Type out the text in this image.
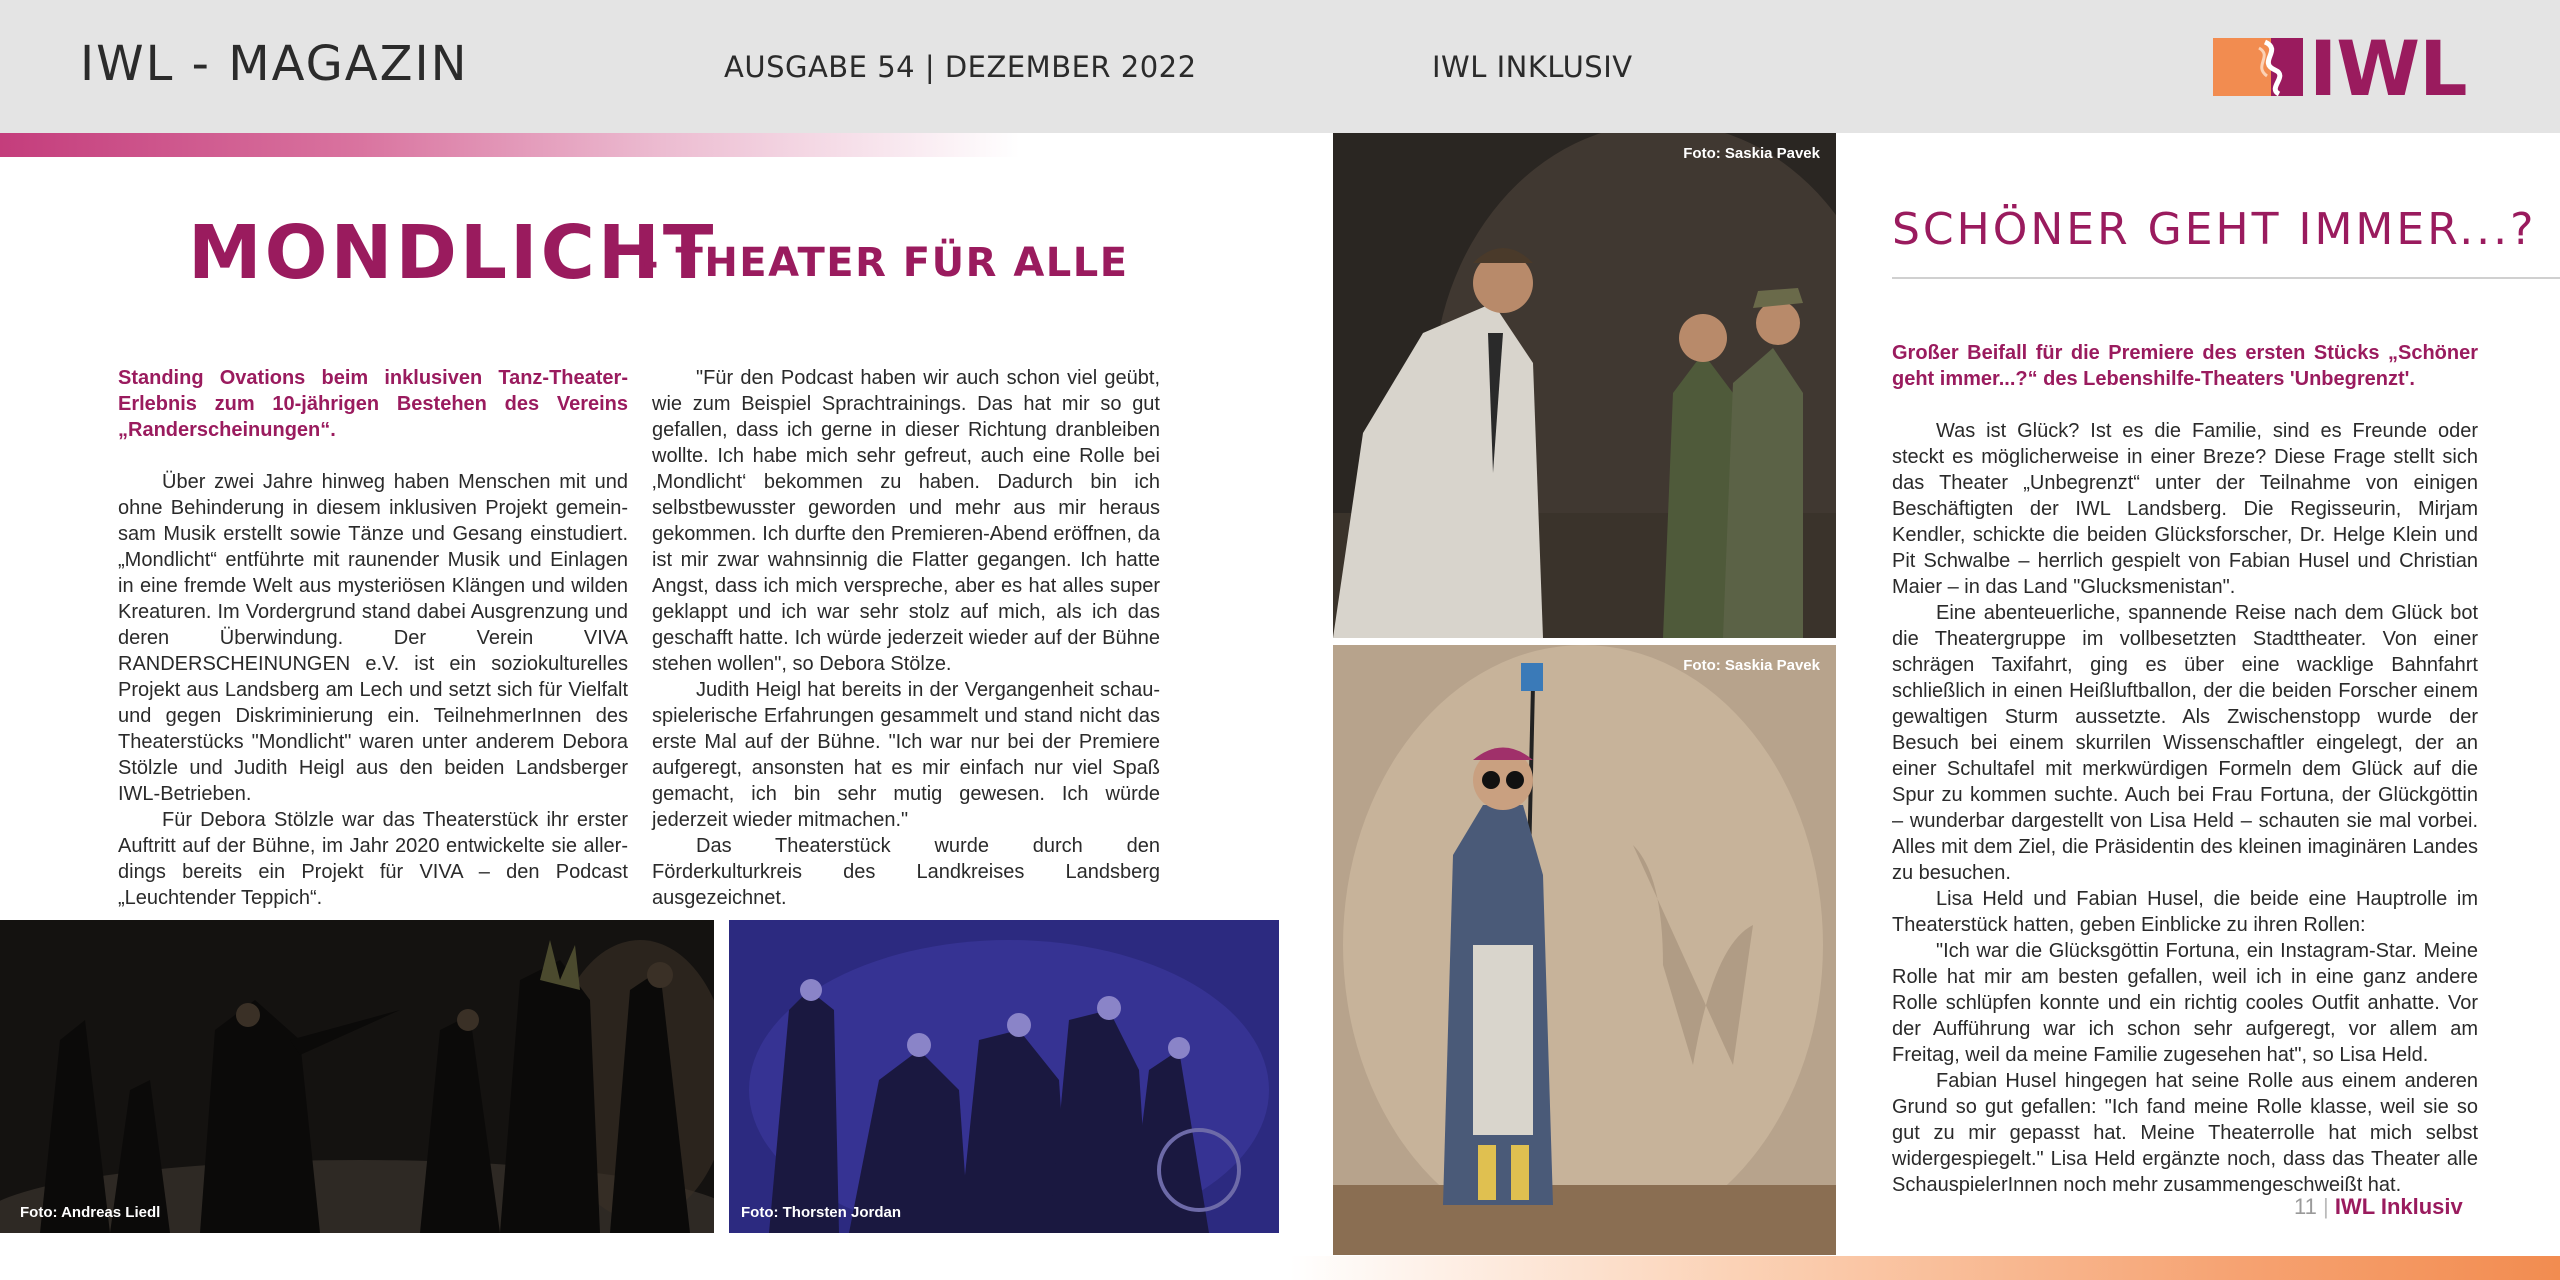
IWL - MAGAZIN	AUSGABE 54 | DEZEMBER 2022	IWL INKLUSIV	IWL
MONDLICHT
- THEATER FÜR ALLE

Standing Ovations beim inklusiven Tanz-Theater-Erlebnis zum 10-jährigen Bestehen des Vereins „Randerscheinungen“.

Über zwei Jahre hinweg haben Menschen mit und ohne Behinderung in diesem inklusiven Projekt gemeinsam Musik erstellt sowie Tänze und Gesang einstudiert. „Mondlicht“ entführte mit raunender Musik und Einlagen in eine fremde Welt aus mysteriösen Klängen und wilden Kreaturen. Im Vordergrund stand dabei Ausgrenzung und deren Überwindung. Der Verein VIVA RANDERSCHEINUNGEN e.V. ist ein soziokulturelles Projekt aus Landsberg am Lech und setzt sich für Vielfalt und gegen Diskriminierung ein. TeilnehmerInnen des Theaterstücks "Mondlicht" waren unter anderem Debora Stölzle und Judith Heigl aus den beiden Landsberger IWL-Betrieben.

Für Debora Stölzle war das Theaterstück ihr erster Auftritt auf der Bühne, im Jahr 2020 entwickelte sie allerdings bereits ein Projekt für VIVA – den Podcast „Leuchtender Teppich“.

"Für den Podcast haben wir auch schon viel geübt, wie zum Beispiel Sprachtrainings. Das hat mir so gut gefallen, dass ich gerne in dieser Richtung dranbleiben wollte. Ich habe mich sehr gefreut, auch eine Rolle bei ‚Mondlicht‘ bekommen zu haben. Dadurch bin ich selbstbewusster geworden und mehr aus mir heraus gekommen. Ich durfte den Premieren-Abend eröffnen, da ist mir zwar wahnsinnig die Flatter gegangen. Ich hatte Angst, dass ich mich verspreche, aber es hat alles super geklappt und ich war sehr stolz auf mich, als ich das geschafft hatte. Ich würde jederzeit wieder auf der Bühne stehen wollen", so Debora Stölze.

Judith Heigl hat bereits in der Vergangenheit schauspielerische Erfahrungen gesammelt und stand nicht das erste Mal auf der Bühne. "Ich war nur bei der Premiere aufgeregt, ansonsten hat es mir einfach nur viel Spaß gemacht, ich bin sehr mutig gewesen. Ich würde jederzeit wieder mitmachen."

Das Theaterstück wurde durch den Förderkulturkreis des Landkreises Landsberg ausgezeichnet.

Foto: Andreas Liedl	Foto: Thorsten Jordan
Foto: Saskia Pavek
Foto: Saskia Pavek
SCHÖNER GEHT IMMER...?

Großer Beifall für die Premiere des ersten Stücks „Schöner geht immer...?“ des Lebenshilfe-Theaters 'Unbegrenzt'.

Was ist Glück? Ist es die Familie, sind es Freunde oder steckt es möglicherweise in einer Breze? Diese Frage stellt sich das Theater „Unbegrenzt“ unter der Teilnahme von einigen Beschäftigten der IWL Landsberg. Die Regisseurin, Mirjam Kendler, schickte die beiden Glücksforscher, Dr. Helge Klein und Pit Schwalbe – herrlich gespielt von Fabian Husel und Christian Maier – in das Land "Glucksmenistan".

Eine abenteuerliche, spannende Reise nach dem Glück bot die Theatergruppe im vollbesetzten Stadttheater. Von einer schrägen Taxifahrt, ging es über eine wacklige Bahnfahrt schließlich in einen Heißluftballon, der die beiden Forscher einem gewaltigen Sturm aussetzte. Als Zwischenstopp wurde der Besuch bei einem skurrilen Wissenschaftler eingelegt, der an einer Schultafel mit merkwürdigen Formeln dem Glück auf die Spur zu kommen suchte. Auch bei Frau Fortuna, der Glückgöttin – wunderbar dargestellt von Lisa Held – schauten sie mal vorbei. Alles mit dem Ziel, die Präsidentin des kleinen imaginären Landes zu besuchen.

Lisa Held und Fabian Husel, die beide eine Hauptrolle im Theaterstück hatten, geben Einblicke zu ihren Rollen:

"Ich war die Glücksgöttin Fortuna, ein Instagram-Star. Meine Rolle hat mir am besten gefallen, weil ich in eine ganz andere Rolle schlüpfen konnte und ein richtig cooles Outfit anhatte. Vor der Aufführung war ich schon sehr aufgeregt, vor allem am Freitag, weil da meine Familie zugesehen hat", so Lisa Held.

Fabian Husel hingegen hat seine Rolle aus einem anderen Grund so gut gefallen: "Ich fand meine Rolle klasse, weil sie so gut zu mir gepasst hat. Meine Theaterrolle hat mich selbst widergespiegelt." Lisa Held ergänzte noch, dass das Theater alle SchauspielerInnen noch mehr zusammengeschweißt hat.

11 | IWL Inklusiv
